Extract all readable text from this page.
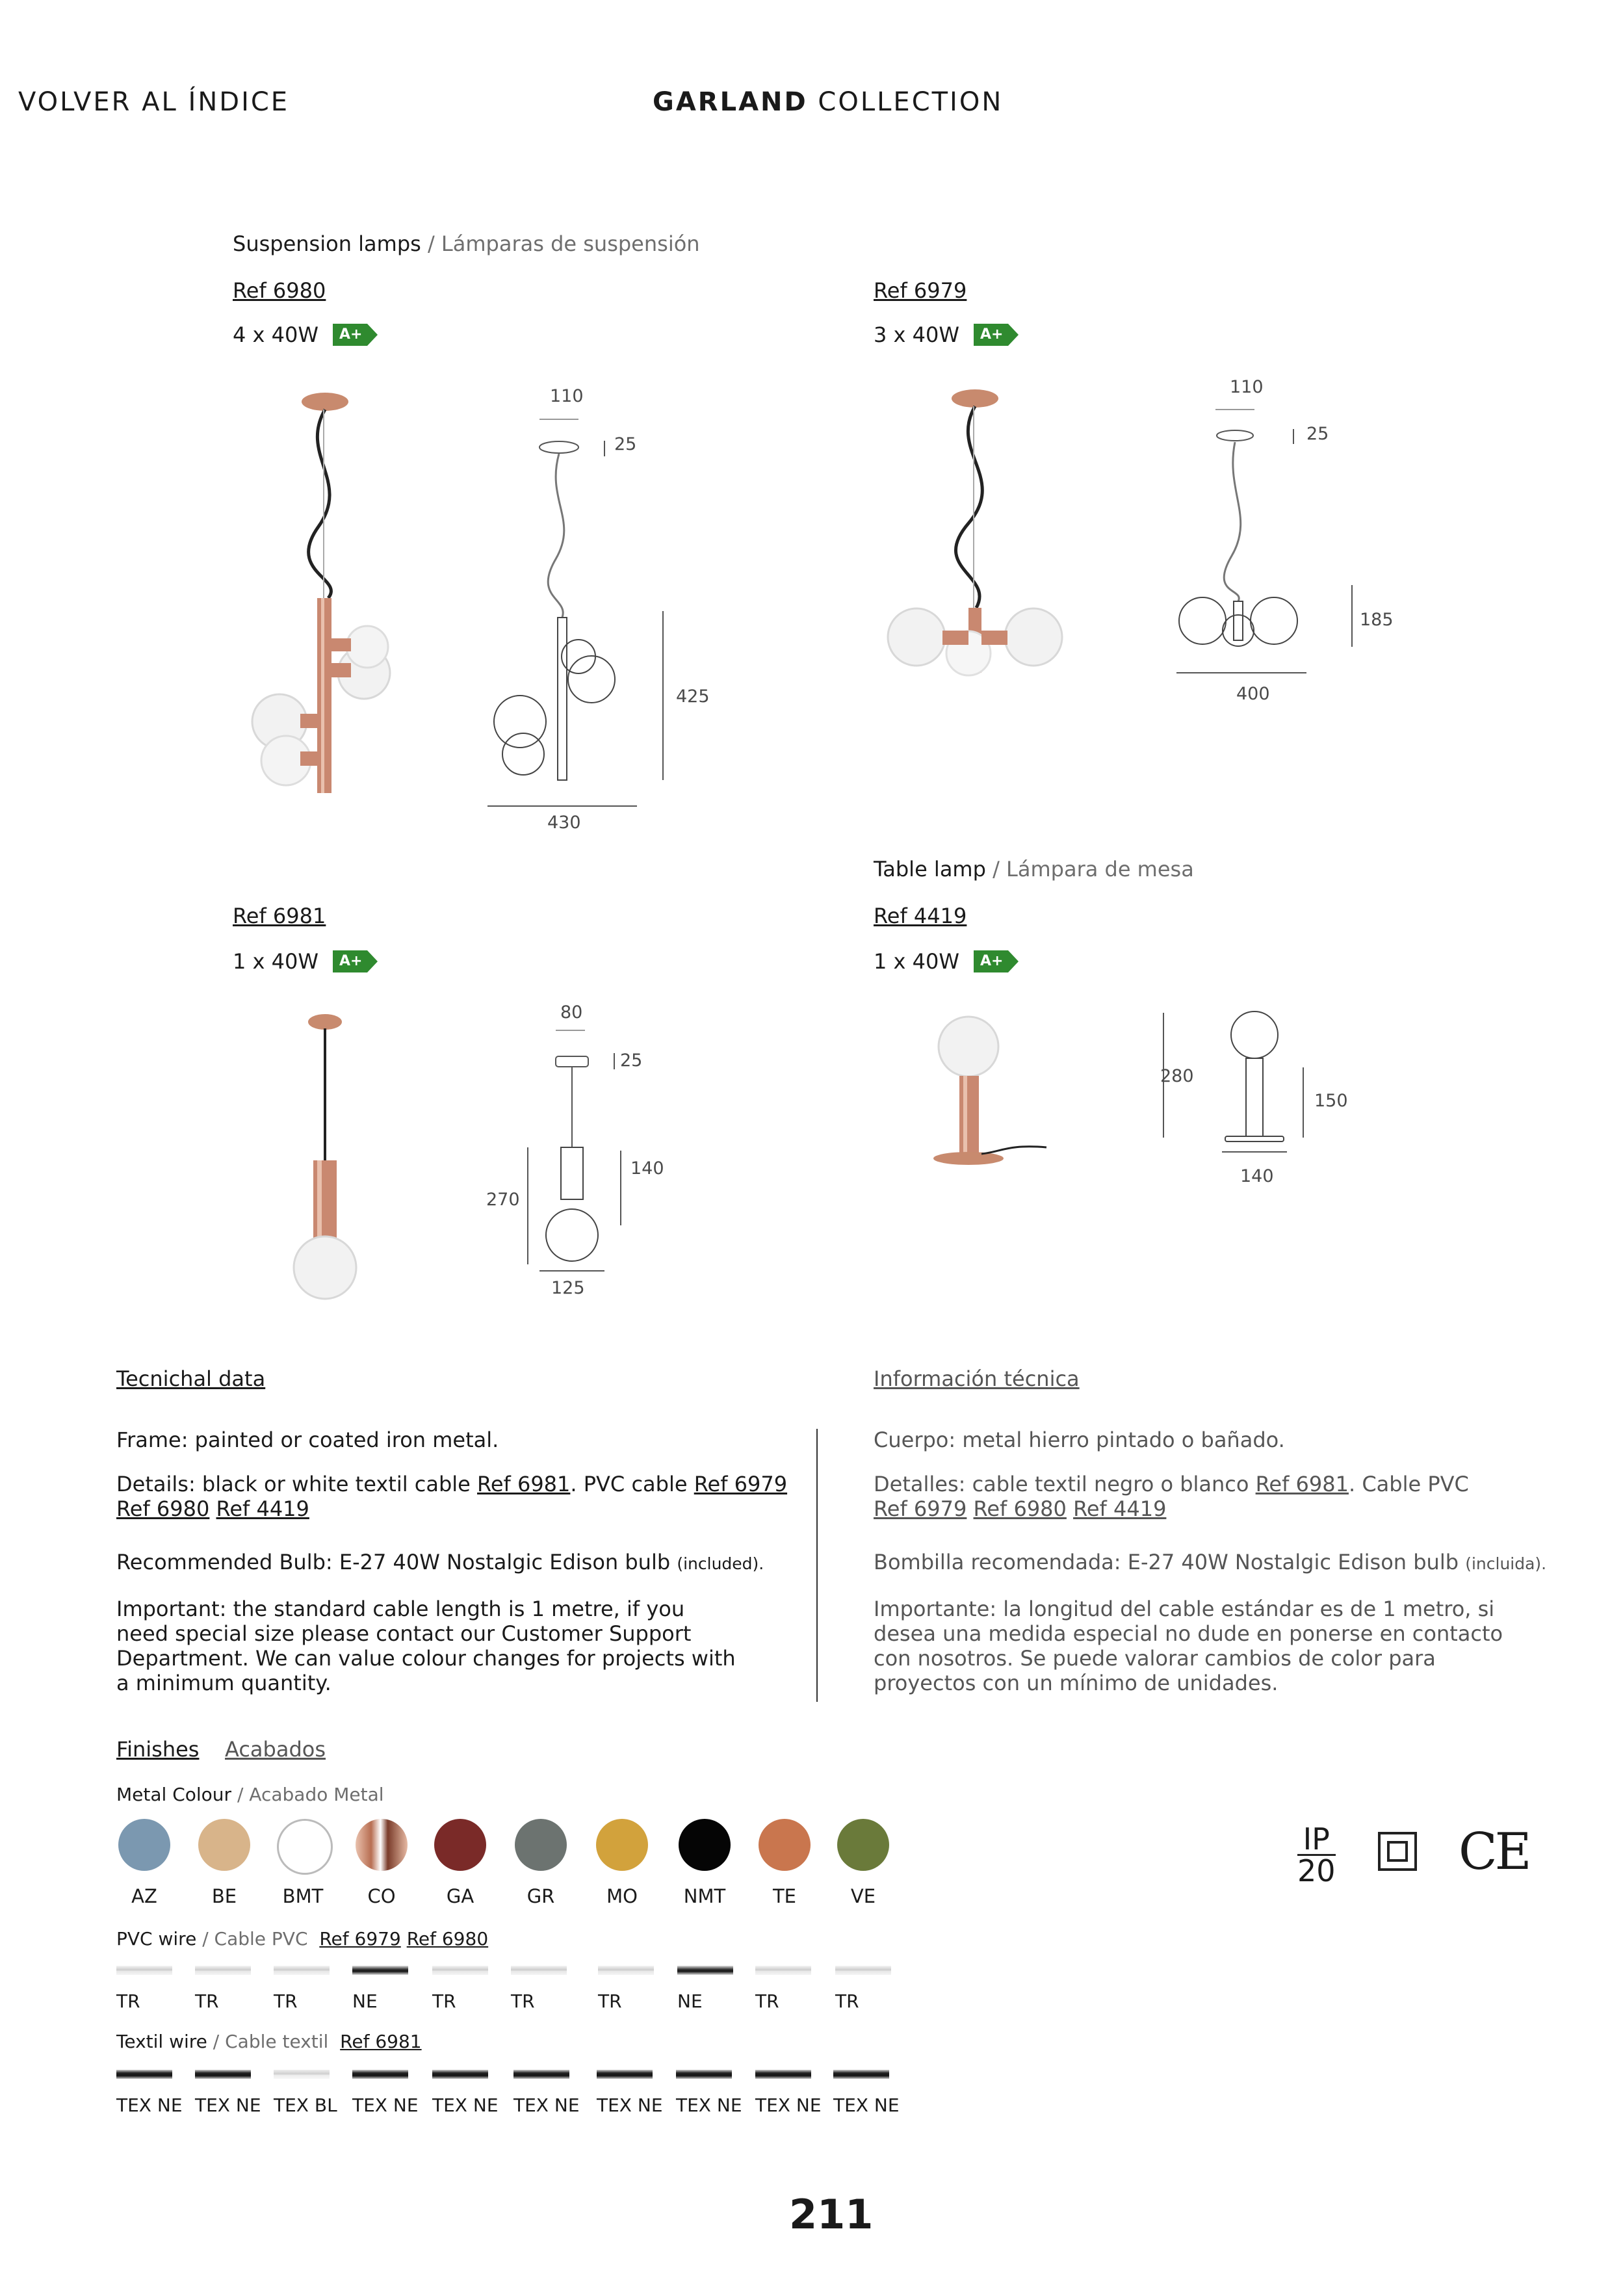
VOLVER AL ÍNDICE	GARLAND COLLECTION
Suspension lamps / Lámparas de suspensión
Ref 6980
4 x 40W	A+
110
25
425
430
Ref 6979
3 x 40W	A+
110
25
185
400
Table lamp / Lámpara de mesa
Ref 6981
1 x 40W	A+
80
25
140
270
125
Ref 4419
1 x 40W	A+
280
150
140
Tecnichal data
Frame: painted or coated iron metal.
Details: black or white textil cable Ref 6981. PVC cable Ref 6979
Ref 6980 Ref 4419
Recommended Bulb: E-27 40W Nostalgic Edison bulb (included).
Important: the standard cable length is 1 metre, if you
need special size please contact our Customer Support
Department. We can value colour changes for projects with
a minimum quantity.
Información técnica
Cuerpo: metal hierro pintado o bañado.
Detalles: cable textil negro o blanco Ref 6981. Cable PVC
Ref 6979 Ref 6980 Ref 4419
Bombilla recomendada: E-27 40W Nostalgic Edison bulb (incluida).
Importante: la longitud del cable estándar es de 1 metro, si
desea una medida especial no dude en ponerse en contacto
con nosotros. Se puede valorar cambios de color para
proyectos con un mínimo de unidades.
Finishes Acabados
Metal Colour / Acabado Metal
AZ	BE	BMT	CO	GA	GR	MO	NMT	TE	VE
PVC wire / Cable PVC Ref 6979 Ref 6980
TR	TR	TR	NE	TR	TR	TR	NE	TR	TR
Textil wire / Cable textil Ref 6981
TEX NE TEX NE TEX BL TEX NE TEX NE TEX NE TEX NE TEX NE TEX NE TEX NE
IP
20 CE
211
